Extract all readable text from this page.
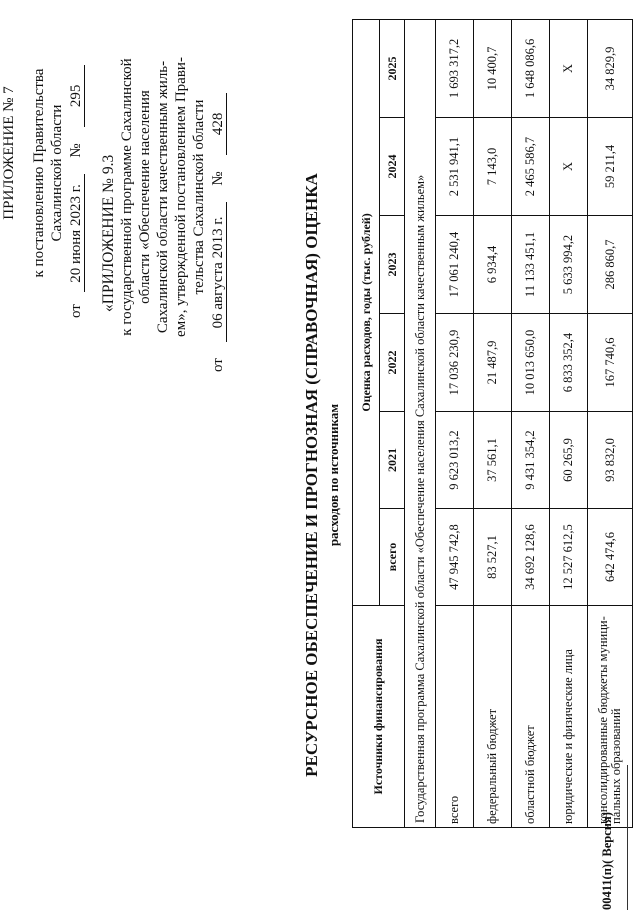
ПРИЛОЖЕНИЕ № 7 к постановлению Правительства Сахалинской области
от 20 июня 2023 г. № 295
«ПРИЛОЖЕНИЕ № 9.3 к государственной программе Сахалинской области «Обеспечение населения Сахалинской области качественным жиль- ем», утвержденной постановлением Прави- тельства Сахалинской области
от 06 августа 2013 г. № 428
РЕСУРСНОЕ ОБЕСПЕЧЕНИЕ И ПРОГНОЗНАЯ (СПРАВОЧНАЯ) ОЦЕНКА расходов по источникам
Источники финансирования	Оценка расходов, годы (тыс. рублей)					
	всего	2021	2022	2023	2024	2025
Государственная программа Сахалинской области «Обеспечение населения Сахалинской области качественным жильем»						
всего	47 945 742,8	9 623 013,2	17 036 230,9	17 061 240,4	2 531 941,1	1 693 317,2
федеральный бюджет	83 527,1	37 561,1	21 487,9	6 934,4	7 143,0	10 400,7
областной бюджет	34 692 128,6	9 431 354,2	10 013 650,0	11 133 451,1	2 465 586,7	1 648 086,6
юридические и физические лица	12 527 612,5	60 265,9	6 833 352,4	5 633 994,2	Х	Х
консолидированные бюджеты муници-
пальных образований	642 474,6	93 832,0	167 740,6	286 860,7	59 211,4	34 829,9
00411(п)( Версия)
